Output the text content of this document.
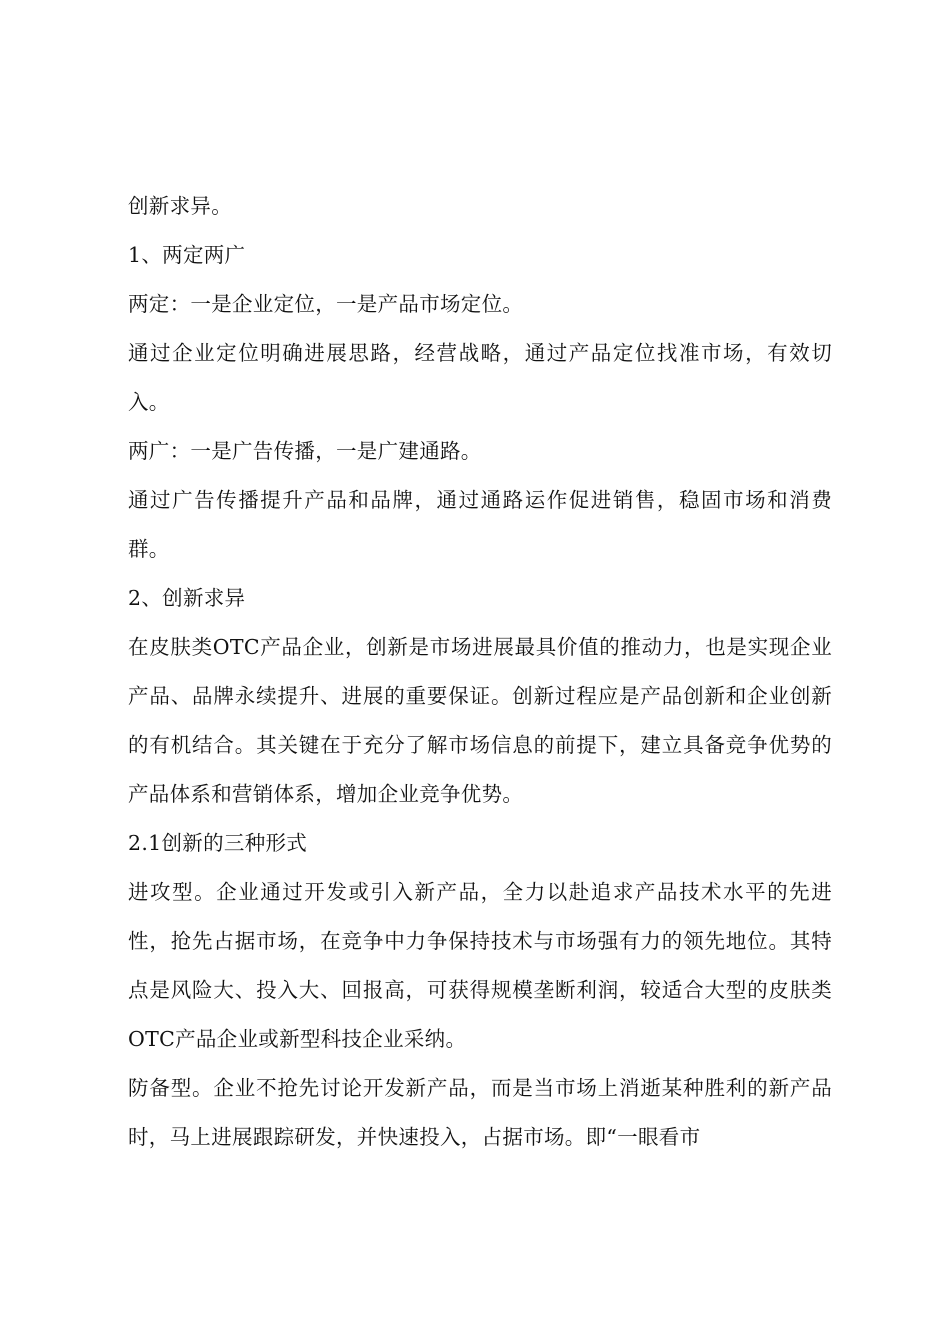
创新求异。

1、两定两广

两定：一是企业定位，一是产品市场定位。

通过企业定位明确进展思路，经营战略，通过产品定位找准市场，有效切入。

两广：一是广告传播，一是广建通路。

通过广告传播提升产品和品牌，通过通路运作促进销售，稳固市场和消费群。

2、创新求异

在皮肤类OTC产品企业，创新是市场进展最具价值的推动力，也是实现企业产品、品牌永续提升、进展的重要保证。创新过程应是产品创新和企业创新的有机结合。其关键在于充分了解市场信息的前提下，建立具备竞争优势的产品体系和营销体系，增加企业竞争优势。

2.1创新的三种形式

进攻型。企业通过开发或引入新产品，全力以赴追求产品技术水平的先进性，抢先占据市场，在竞争中力争保持技术与市场强有力的领先地位。其特点是风险大、投入大、回报高，可获得规模垄断利润，较适合大型的皮肤类OTC产品企业或新型科技企业采纳。

防备型。企业不抢先讨论开发新产品，而是当市场上消逝某种胜利的新产品时，马上进展跟踪研发，并快速投入，占据市场。即“一眼看市
